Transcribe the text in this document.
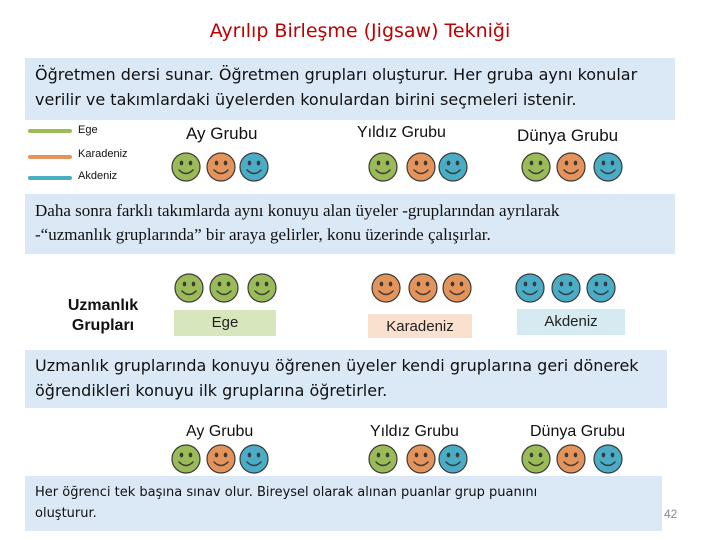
Ayrılıp Birleşme (Jigsaw) Tekniği
Öğretmen dersi sunar. Öğretmen grupları oluşturur. Her gruba aynı konular
verilir ve takımlardaki üyelerden konulardan birini seçmeleri istenir.
Ege
Karadeniz
Akdeniz
Ay Grubu	Yıldız Grubu	Dünya Grubu
Daha sonra farklı takımlarda aynı konuyu alan üyeler -gruplarından ayrılarak
-“uzmanlık gruplarında” bir araya gelirler, konu üzerinde çalışırlar.
Uzmanlık
Grupları	Ege	Karadeniz	Akdeniz
Uzmanlık gruplarında konuyu öğrenen üyeler kendi gruplarına geri dönerek
öğrendikleri konuyu ilk gruplarına öğretirler.
Ay Grubu	Yıldız Grubu	Dünya Grubu
Her öğrenci tek başına sınav olur. Bireysel olarak alınan puanlar grup puanını
oluşturur.	42
